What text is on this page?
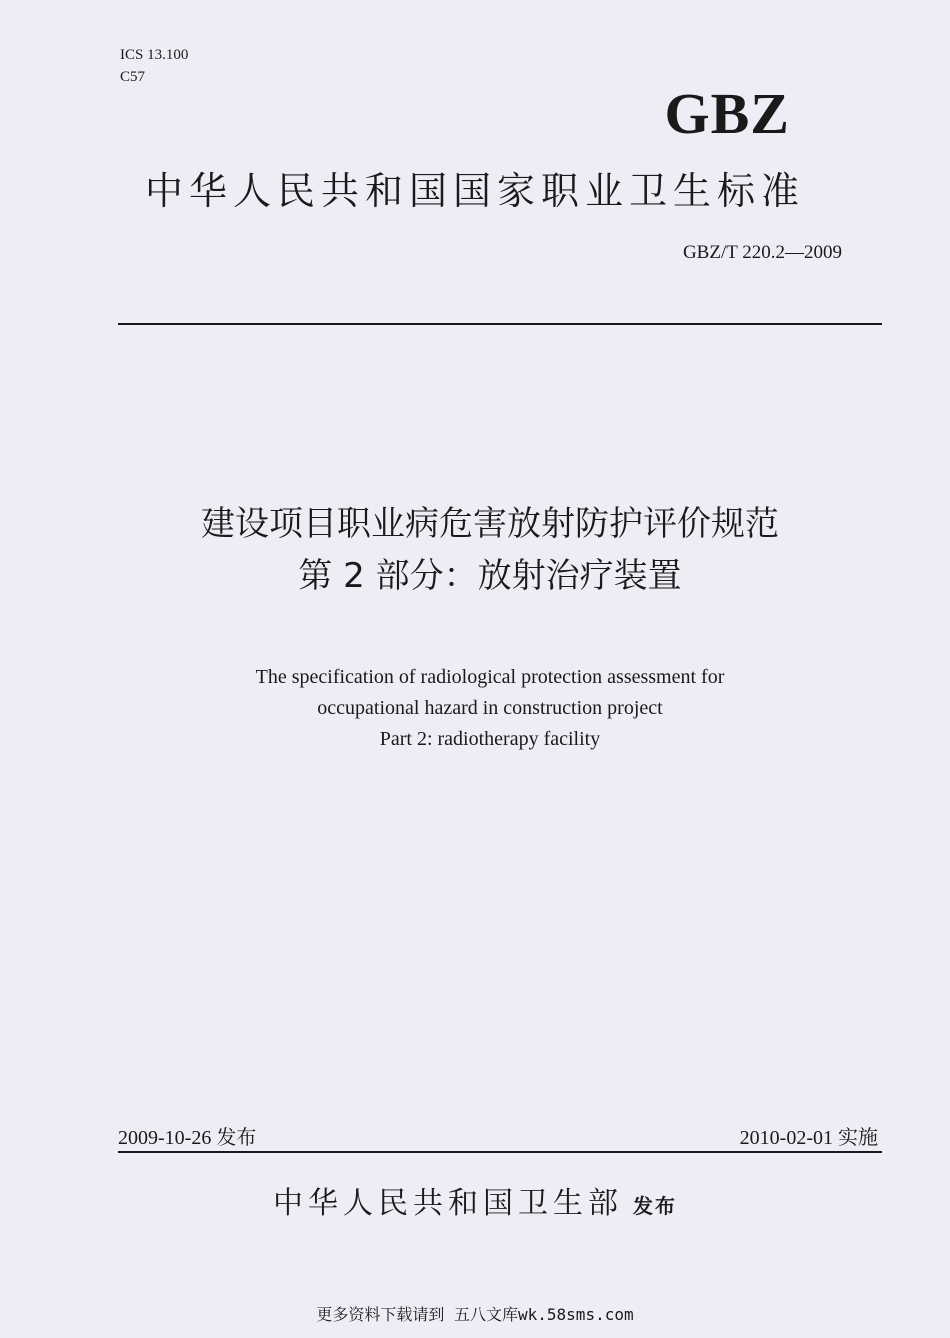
ICS 13.100
C57
GBZ
中华人民共和国国家职业卫生标准
GBZ/T 220.2—2009
建设项目职业病危害放射防护评价规范
第 2 部分：放射治疗装置
The specification of radiological protection assessment for
occupational hazard in construction project
Part 2: radiotherapy facility
2009-10-26 发布	2010-02-01 实施
中华人民共和国卫生部 发布
更多资料下载请到 五八文库wk.58sms.com
